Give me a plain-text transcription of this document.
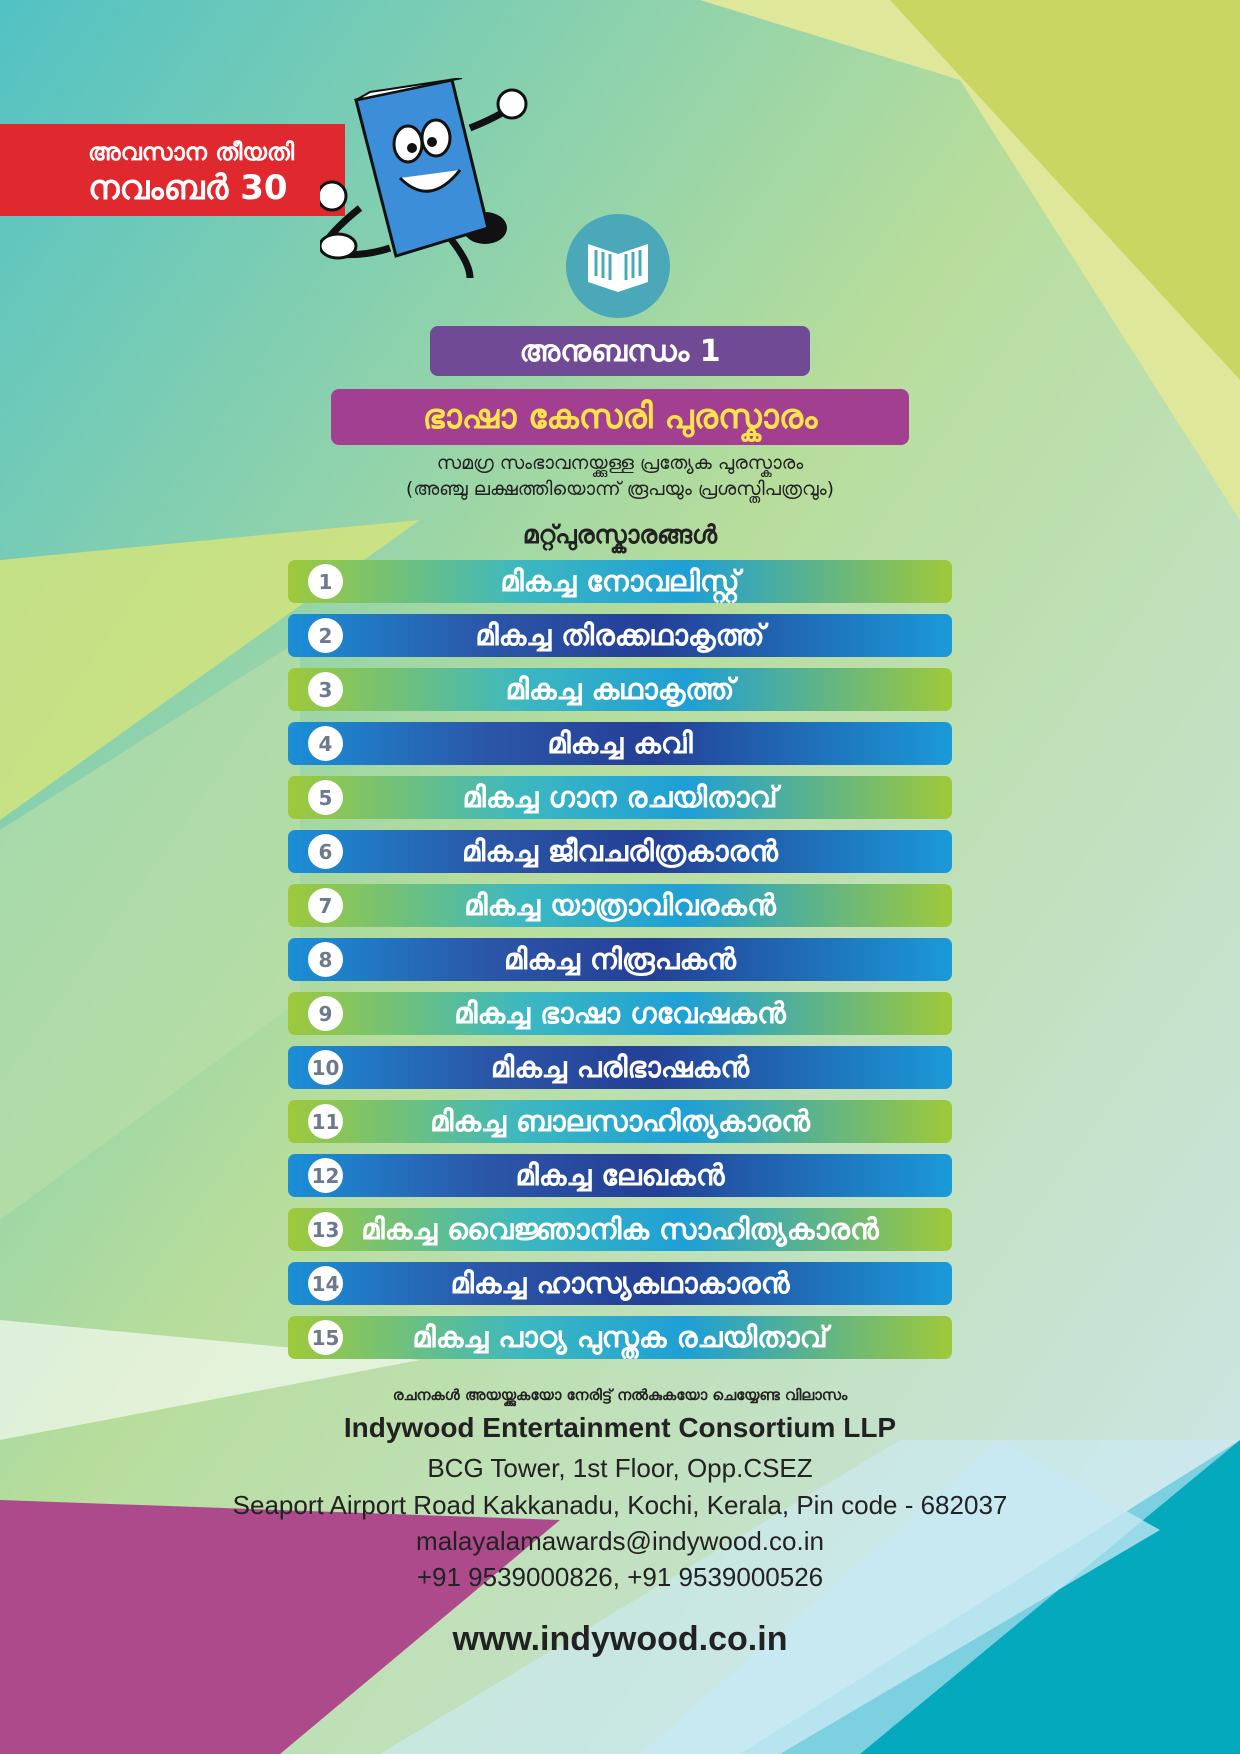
അവസാന തീയതി
നവംബർ 30
അനുബന്ധം 1
ഭാഷാ കേസരി പുരസ്കാരം
സമഗ്ര സംഭാവനയ്ക്കുള്ള പ്രത്യേക പുരസ്കാരം
(അഞ്ചു ലക്ഷത്തിയൊന്ന് രൂപയും പ്രശസ്തിപത്രവും)
മറ്റ്പുരസ്കാരങ്ങൾ
1	മികച്ച നോവലിസ്റ്റ്
2	മികച്ച തിരക്കഥാകൃത്ത്
3	മികച്ച കഥാകൃത്ത്
4	മികച്ച കവി
5	മികച്ച ഗാന രചയിതാവ്
6	മികച്ച ജീവചരിത്രകാരൻ
7	മികച്ച യാത്രാവിവരകൻ
8	മികച്ച നിരൂപകൻ
9	മികച്ച ഭാഷാ ഗവേഷകൻ
10	മികച്ച പരിഭാഷകൻ
11	മികച്ച ബാലസാഹിത്യകാരൻ
12	മികച്ച ലേഖകൻ
13 മികച്ച വൈജ്ഞാനിക സാഹിത്യകാരൻ
14	മികച്ച ഹാസ്യകഥാകാരൻ
15	മികച്ച പാഠ്യ പുസ്തക രചയിതാവ്
രചനകൾ അയയ്ക്കുകയോ നേരിട്ട് നൽകുകയോ ചെയ്യേണ്ട വിലാസം
Indywood Entertainment Consortium LLP
BCG Tower, 1st Floor, Opp.CSEZ
Seaport Airport Road Kakkanadu, Kochi, Kerala, Pin code - 682037
malayalamawards@indywood.co.in
+91 9539000826, +91 9539000526
www.indywood.co.in
